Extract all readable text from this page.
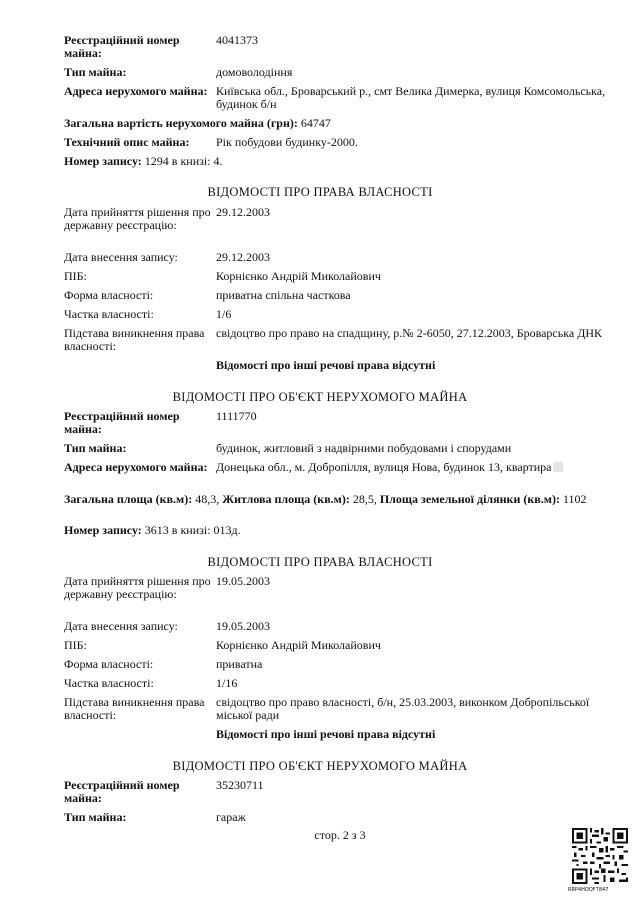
Реєстраційний номер майна:
4041373
Тип майна:	домоволодіння
Адреса нерухомого майна: Київська обл., Броварський р., смт Велика Димерка, вулиця Комсомольська, будинок б/н
Загальна вартість нерухомого майна (грн): 64747
Технічний опис майна:	Рік побудови будинку-2000.
Номер запису: 1294 в книзі: 4.
ВІДОМОСТІ ПРО ПРАВА ВЛАСНОСТІ
Дата прийняття рішення про державну реєстрацію:
29.12.2003
Дата внесення запису:	29.12.2003
ПІБ:	Корнієнко Андрій Миколайович
Форма власності:	приватна спільна часткова
Частка власності:	1/6
Підстава виникнення права власності:
свідоцтво про право на спадщину, р.№ 2-6050, 27.12.2003, Броварська ДНК
Відомості про інші речові права відсутні
ВІДОМОСТІ ПРО ОБ'ЄКТ НЕРУХОМОГО МАЙНА
Реєстраційний номер майна:
1111770
Тип майна:	будинок, житловий з надвірними побудовами і спорудами
Адреса нерухомого майна: Донецька обл., м. Добропілля, вулиця Нова, будинок 13, квартира
Загальна площа (кв.м): 48,3, Житлова площа (кв.м): 28,5, Площа земельної ділянки (кв.м): 1102
Номер запису: 3613 в книзі: 013д.
ВІДОМОСТІ ПРО ПРАВА ВЛАСНОСТІ
Дата прийняття рішення про державну реєстрацію:
19.05.2003
Дата внесення запису:	19.05.2003
ПІБ:	Корнієнко Андрій Миколайович
Форма власності:	приватна
Частка власності:	1/16
Підстава виникнення права власності:
свідоцтво про право власності, б/н, 25.03.2003, виконком Добропільської міської ради
Відомості про інші речові права відсутні
ВІДОМОСТІ ПРО ОБ'ЄКТ НЕРУХОМОГО МАЙНА
Реєстраційний номер майна:
35230711
Тип майна:	гараж
стор. 2 з 3
RRP4HOQF7847
